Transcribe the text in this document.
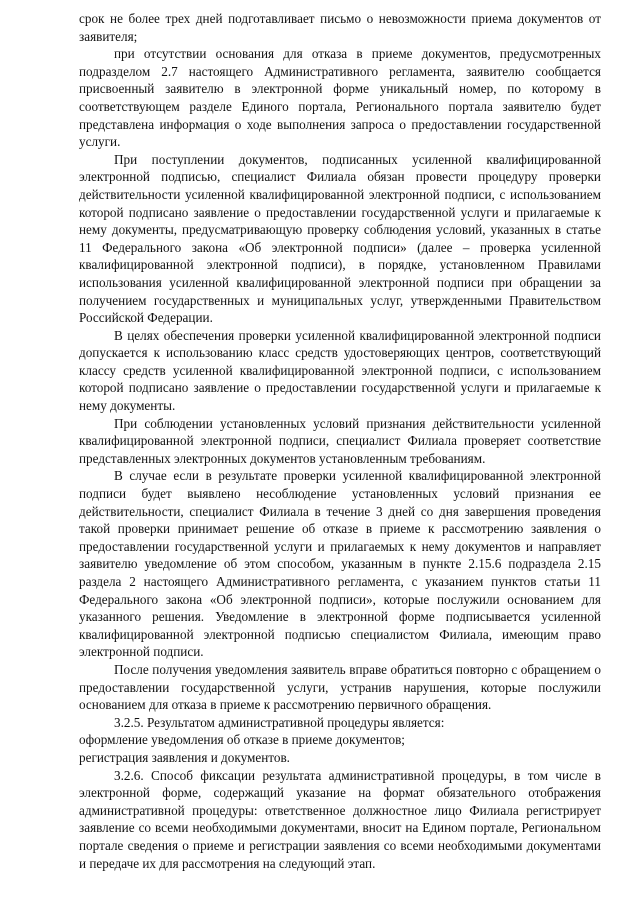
срок не более трех дней подготавливает письмо о невозможности приема документов от заявителя;

при отсутствии основания для отказа в приеме документов, предусмотренных подразделом 2.7 настоящего Административного регламента, заявителю сообщается присвоенный заявителю в электронной форме уникальный номер, по которому в соответствующем разделе Единого портала, Регионального портала заявителю будет представлена информация о ходе выполнения запроса о предоставлении государственной услуги.

При поступлении документов, подписанных усиленной квалифицированной электронной подписью, специалист Филиала обязан провести процедуру проверки действительности усиленной квалифицированной электронной подписи, с использованием которой подписано заявление о предоставлении государственной услуги и прилагаемые к нему документы, предусматривающую проверку соблюдения условий, указанных в статье 11 Федерального закона «Об электронной подписи» (далее – проверка усиленной квалифицированной электронной подписи), в порядке, установленном Правилами использования усиленной квалифицированной электронной подписи при обращении за получением государственных и муниципальных услуг, утвержденными Правительством Российской Федерации.

В целях обеспечения проверки усиленной квалифицированной электронной подписи допускается к использованию класс средств удостоверяющих центров, соответствующий классу средств усиленной квалифицированной электронной подписи, с использованием которой подписано заявление о предоставлении государственной услуги и прилагаемые к нему документы.

При соблюдении установленных условий признания действительности усиленной квалифицированной электронной подписи, специалист Филиала проверяет соответствие представленных электронных документов установленным требованиям.

В случае если в результате проверки усиленной квалифицированной электронной подписи будет выявлено несоблюдение установленных условий признания ее действительности, специалист Филиала в течение 3 дней со дня завершения проведения такой проверки принимает решение об отказе в приеме к рассмотрению заявления о предоставлении государственной услуги и прилагаемых к нему документов и направляет заявителю уведомление об этом способом, указанным в пункте 2.15.6 подраздела 2.15 раздела 2 настоящего Административного регламента, с указанием пунктов статьи 11 Федерального закона «Об электронной подписи», которые послужили основанием для указанного решения. Уведомление в электронной форме подписывается усиленной квалифицированной электронной подписью специалистом Филиала, имеющим право электронной подписи.

После получения уведомления заявитель вправе обратиться повторно с обращением о предоставлении государственной услуги, устранив нарушения, которые послужили основанием для отказа в приеме к рассмотрению первичного обращения.

3.2.5. Результатом административной процедуры является:

оформление уведомления об отказе в приеме документов;

регистрация заявления и документов.

3.2.6. Способ фиксации результата административной процедуры, в том числе в электронной форме, содержащий указание на формат обязательного отображения административной процедуры: ответственное должностное лицо Филиала регистрирует заявление со всеми необходимыми документами, вносит на Едином портале, Региональном портале сведения о приеме и регистрации заявления со всеми необходимыми документами и передаче их для рассмотрения на следующий этап.
